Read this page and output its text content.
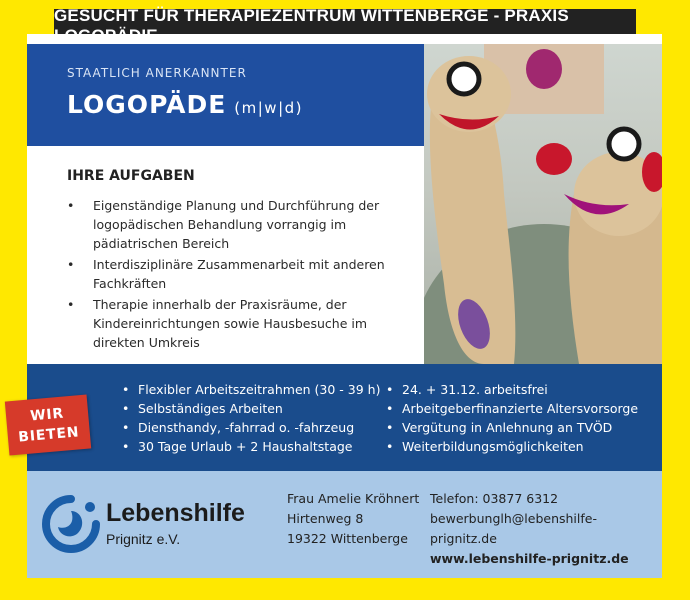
GESUCHT FÜR THERAPIEZENTRUM WITTENBERGE - PRAXIS
STAATLICH ANERKANNTER
LOGOPÄDE (m|w|d)
IHRE AUFGABEN
• Eigenständige Planung und Durchführung der logopädischen Behandlung vorrangig im pädiatrischen Bereich
• Interdisziplinäre Zusammenarbeit mit anderen Fachkräften
• Therapie innerhalb der Praxisräume, der Kindereinrichtungen sowie Hausbesuche im direkten Umkreis
• Flexibler Arbeitszeitrahmen (30 - 39 h)
• Selbständiges Arbeiten
• Diensthandy, -fahrrad o. -fahrzeug
• 30 Tage Urlaub + 2 Haushaltstage
• 24. + 31.12. arbeitsfrei
• Arbeitgeberfinanzierte Altersvorsorge
• Vergütung in Anlehnung an TVÖD
• Weiterbildungsmöglichkeiten
Lebenshilfe
Prignitz e.V.
Frau Amelie Kröhnert
Hirtenweg 8
19322 Wittenberge
Telefon: 03877 6312
bewerbunglh@lebenshilfe-prignitz.de
www.lebenshilfe-prignitz.de
WIR
BIETEN
